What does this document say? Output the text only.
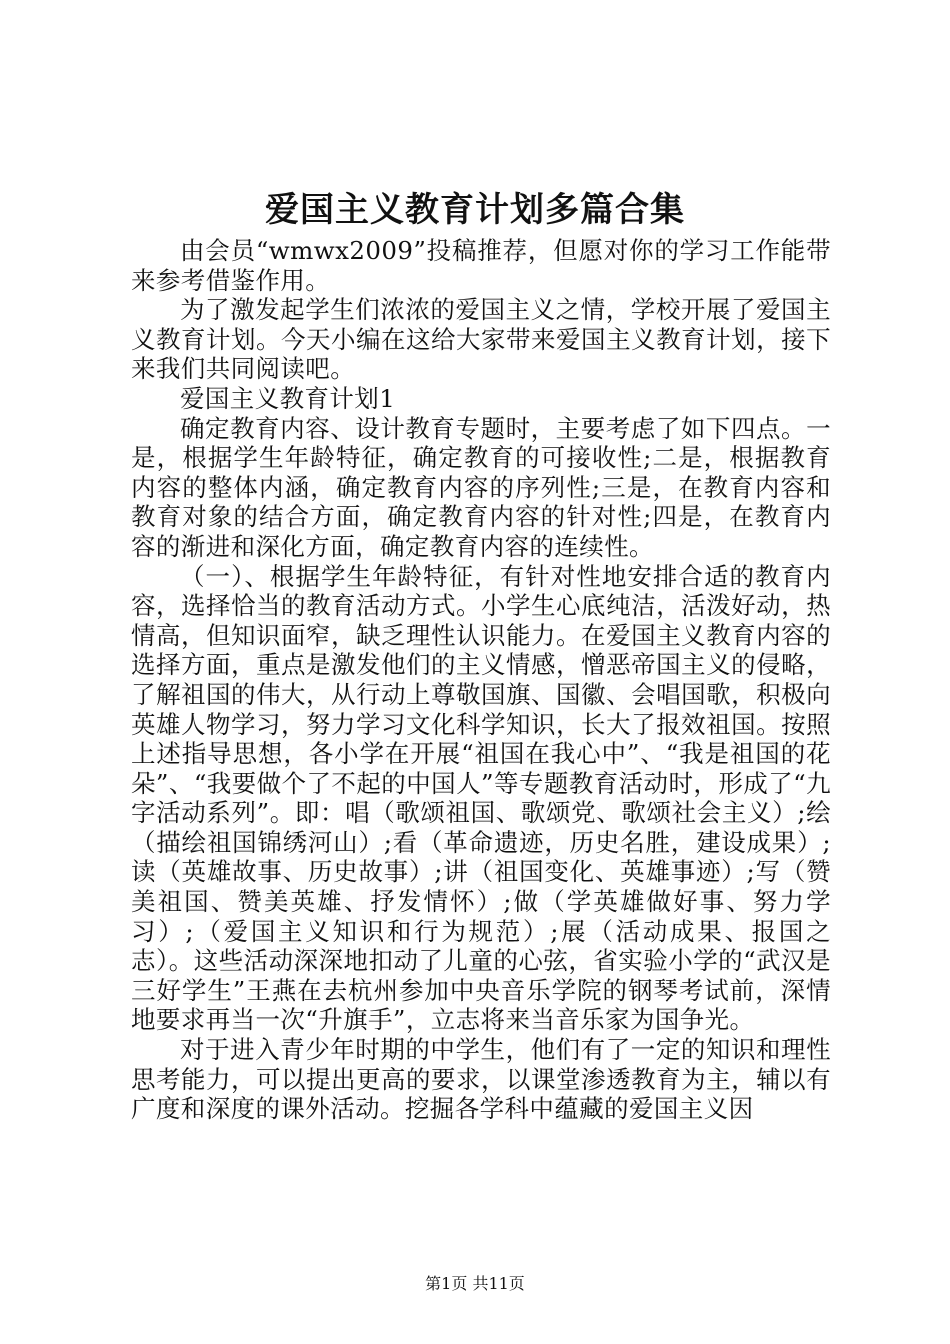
爱国主义教育计划多篇合集

由会员“wmwx2009”投稿推荐，但愿对你的学习工作能带来参考借鉴作用。

为了激发起学生们浓浓的爱国主义之情，学校开展了爱国主义教育计划。今天小编在这给大家带来爱国主义教育计划，接下来我们共同阅读吧。

爱国主义教育计划1

确定教育内容、设计教育专题时，主要考虑了如下四点。一是，根据学生年龄特征，确定教育的可接收性;二是，根据教育内容的整体内涵，确定教育内容的序列性;三是，在教育内容和教育对象的结合方面，确定教育内容的针对性;四是，在教育内容的渐进和深化方面，确定教育内容的连续性。

（一）、根据学生年龄特征，有针对性地安排合适的教育内容，选择恰当的教育活动方式。小学生心底纯洁，活泼好动，热情高，但知识面窄，缺乏理性认识能力。在爱国主义教育内容的选择方面，重点是激发他们的主义情感，憎恶帝国主义的侵略，了解祖国的伟大，从行动上尊敬国旗、国徽、会唱国歌，积极向英雄人物学习，努力学习文化科学知识，长大了报效祖国。按照上述指导思想，各小学在开展“祖国在我心中”、“我是祖国的花朵”、“我要做个了不起的中国人”等专题教育活动时，形成了“九字活动系列”。即：唱（歌颂祖国、歌颂党、歌颂社会主义）;绘（描绘祖国锦绣河山）;看（革命遗迹，历史名胜，建设成果）;读（英雄故事、历史故事）;讲（祖国变化、英雄事迹）;写（赞美祖国、赞美英雄、抒发情怀）;做（学英雄做好事、努力学习）;（爱国主义知识和行为规范）;展（活动成果、报国之志）。这些活动深深地扣动了儿童的心弦，省实验小学的“武汉是三好学生”王燕在去杭州参加中央音乐学院的钢琴考试前，深情地要求再当一次“升旗手”，立志将来当音乐家为国争光。

对于进入青少年时期的中学生，他们有了一定的知识和理性思考能力，可以提出更高的要求，以课堂渗透教育为主，辅以有广度和深度的课外活动。挖掘各学科中蕴藏的爱国主义因

第1页 共11页
